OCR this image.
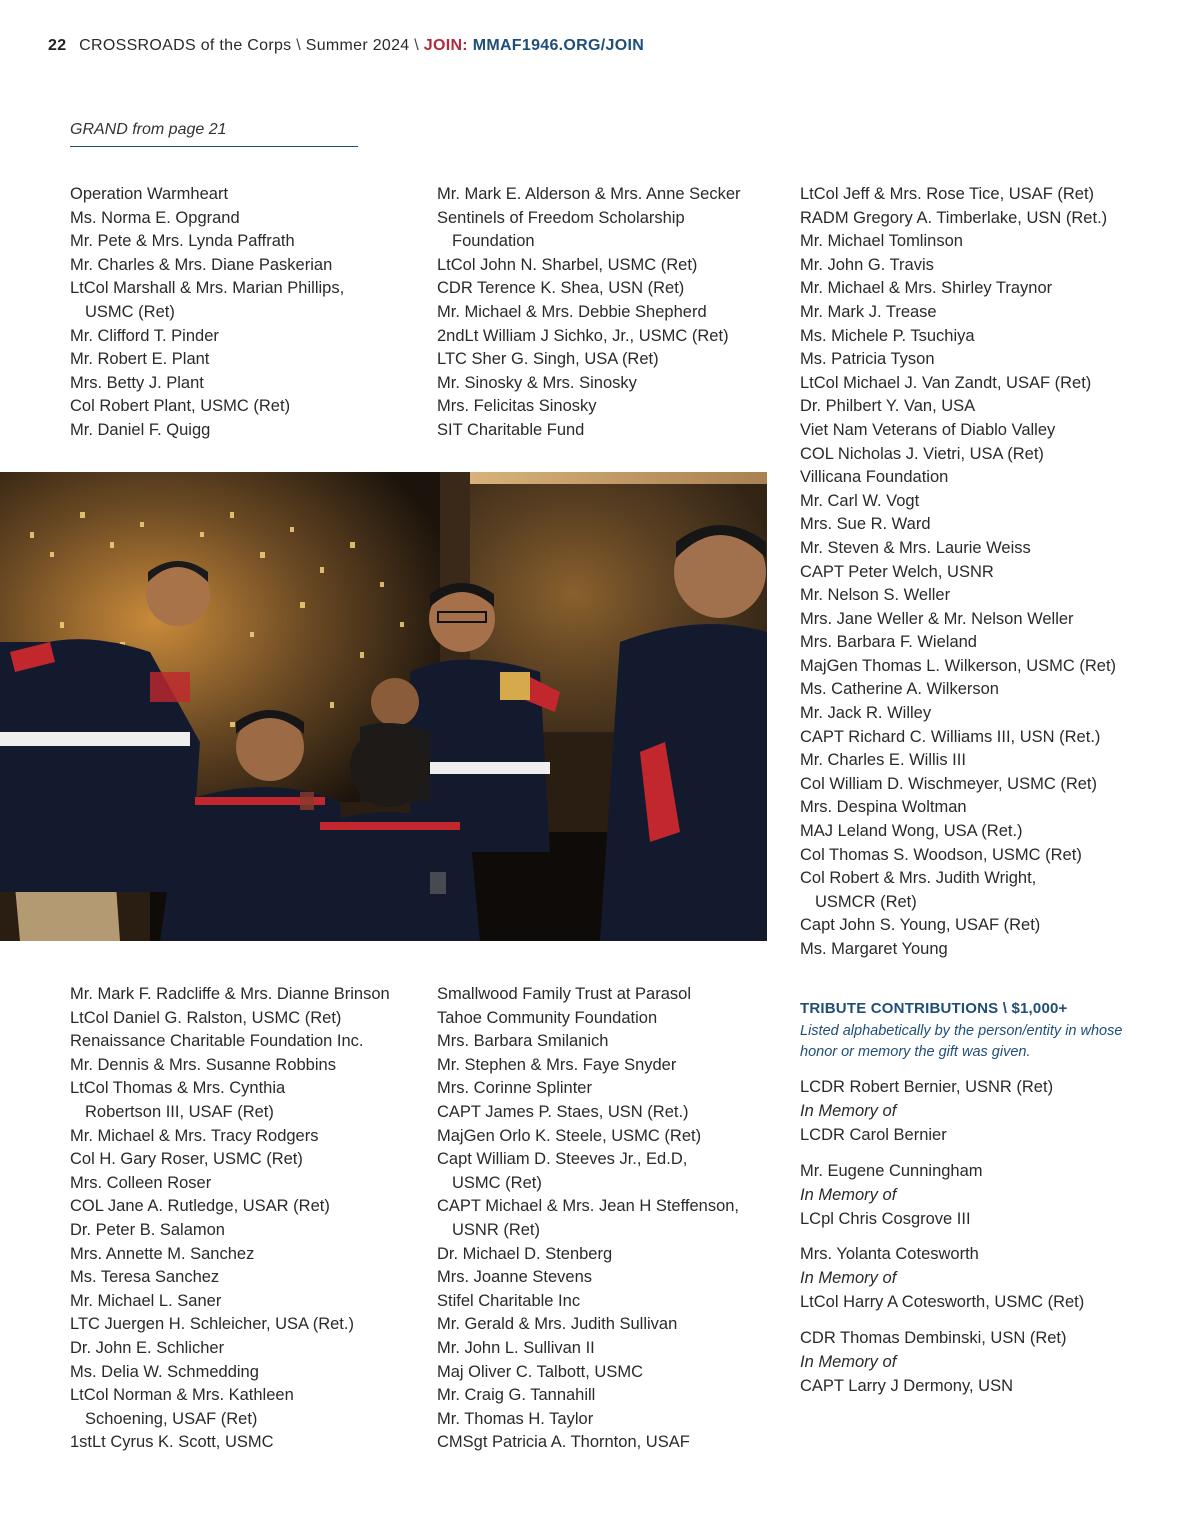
22 CROSSROADS of the Corps \ Summer 2024 \ JOIN: MMAF1946.ORG/JOIN
GRAND from page 21
Operation Warmheart
Ms. Norma E. Opgrand
Mr. Pete & Mrs. Lynda Paffrath
Mr. Charles & Mrs. Diane Paskerian
LtCol Marshall & Mrs. Marian Phillips,
USMC (Ret)
Mr. Clifford T. Pinder
Mr. Robert E. Plant
Mrs. Betty J. Plant
Col Robert Plant, USMC (Ret)
Mr. Daniel F. Quigg
Mr. Mark E. Alderson & Mrs. Anne Secker
Sentinels of Freedom Scholarship
Foundation
LtCol John N. Sharbel, USMC (Ret)
CDR Terence K. Shea, USN (Ret)
Mr. Michael & Mrs. Debbie Shepherd
2ndLt William J Sichko, Jr., USMC (Ret)
LTC Sher G. Singh, USA (Ret)
Mr. Sinosky & Mrs. Sinosky
Mrs. Felicitas Sinosky
SIT Charitable Fund
LtCol Jeff & Mrs. Rose Tice, USAF (Ret)
RADM Gregory A. Timberlake, USN (Ret.)
Mr. Michael Tomlinson
Mr. John G. Travis
Mr. Michael & Mrs. Shirley Traynor
Mr. Mark J. Trease
Ms. Michele P. Tsuchiya
Ms. Patricia Tyson
LtCol Michael J. Van Zandt, USAF (Ret)
Dr. Philbert Y. Van, USA
Viet Nam Veterans of Diablo Valley
COL Nicholas J. Vietri, USA (Ret)
Villicana Foundation
Mr. Carl W. Vogt
Mrs. Sue R. Ward
Mr. Steven & Mrs. Laurie Weiss
CAPT Peter Welch, USNR
Mr. Nelson S. Weller
Mrs. Jane Weller & Mr. Nelson Weller
Mrs. Barbara F. Wieland
MajGen Thomas L. Wilkerson, USMC (Ret)
Ms. Catherine A. Wilkerson
Mr. Jack R. Willey
CAPT Richard C. Williams III, USN (Ret.)
Mr. Charles E. Willis III
Col William D. Wischmeyer, USMC (Ret)
Mrs. Despina Woltman
MAJ Leland Wong, USA (Ret.)
Col Thomas S. Woodson, USMC (Ret)
Col Robert & Mrs. Judith Wright,
USMCR (Ret)
Capt John S. Young, USAF (Ret)
Ms. Margaret Young
Mr. Mark F. Radcliffe & Mrs. Dianne Brinson
LtCol Daniel G. Ralston, USMC (Ret)
Renaissance Charitable Foundation Inc.
Mr. Dennis & Mrs. Susanne Robbins
LtCol Thomas & Mrs. Cynthia
Robertson III, USAF (Ret)
Mr. Michael & Mrs. Tracy Rodgers
Col H. Gary Roser, USMC (Ret)
Mrs. Colleen Roser
COL Jane A. Rutledge, USAR (Ret)
Dr. Peter B. Salamon
Mrs. Annette M. Sanchez
Ms. Teresa Sanchez
Mr. Michael L. Saner
LTC Juergen H. Schleicher, USA (Ret.)
Dr. John E. Schlicher
Ms. Delia W. Schmedding
LtCol Norman & Mrs. Kathleen
Schoening, USAF (Ret)
1stLt Cyrus K. Scott, USMC
Smallwood Family Trust at Parasol
Tahoe Community Foundation
Mrs. Barbara Smilanich
Mr. Stephen & Mrs. Faye Snyder
Mrs. Corinne Splinter
CAPT James P. Staes, USN (Ret.)
MajGen Orlo K. Steele, USMC (Ret)
Capt William D. Steeves Jr., Ed.D,
USMC (Ret)
CAPT Michael & Mrs. Jean H Steffenson,
USNR (Ret)
Dr. Michael D. Stenberg
Mrs. Joanne Stevens
Stifel Charitable Inc
Mr. Gerald & Mrs. Judith Sullivan
Mr. John L. Sullivan II
Maj Oliver C. Talbott, USMC
Mr. Craig G. Tannahill
Mr. Thomas H. Taylor
CMSgt Patricia A. Thornton, USAF
TRIBUTE CONTRIBUTIONS \ $1,000+
Listed alphabetically by the person/entity in whose honor or memory the gift was given.
LCDR Robert Bernier, USNR (Ret)
In Memory of
LCDR Carol Bernier
Mr. Eugene Cunningham
In Memory of
LCpl Chris Cosgrove III
Mrs. Yolanta Cotesworth
In Memory of
LtCol Harry A Cotesworth, USMC (Ret)
CDR Thomas Dembinski, USN (Ret)
In Memory of
CAPT Larry J Dermony, USN
